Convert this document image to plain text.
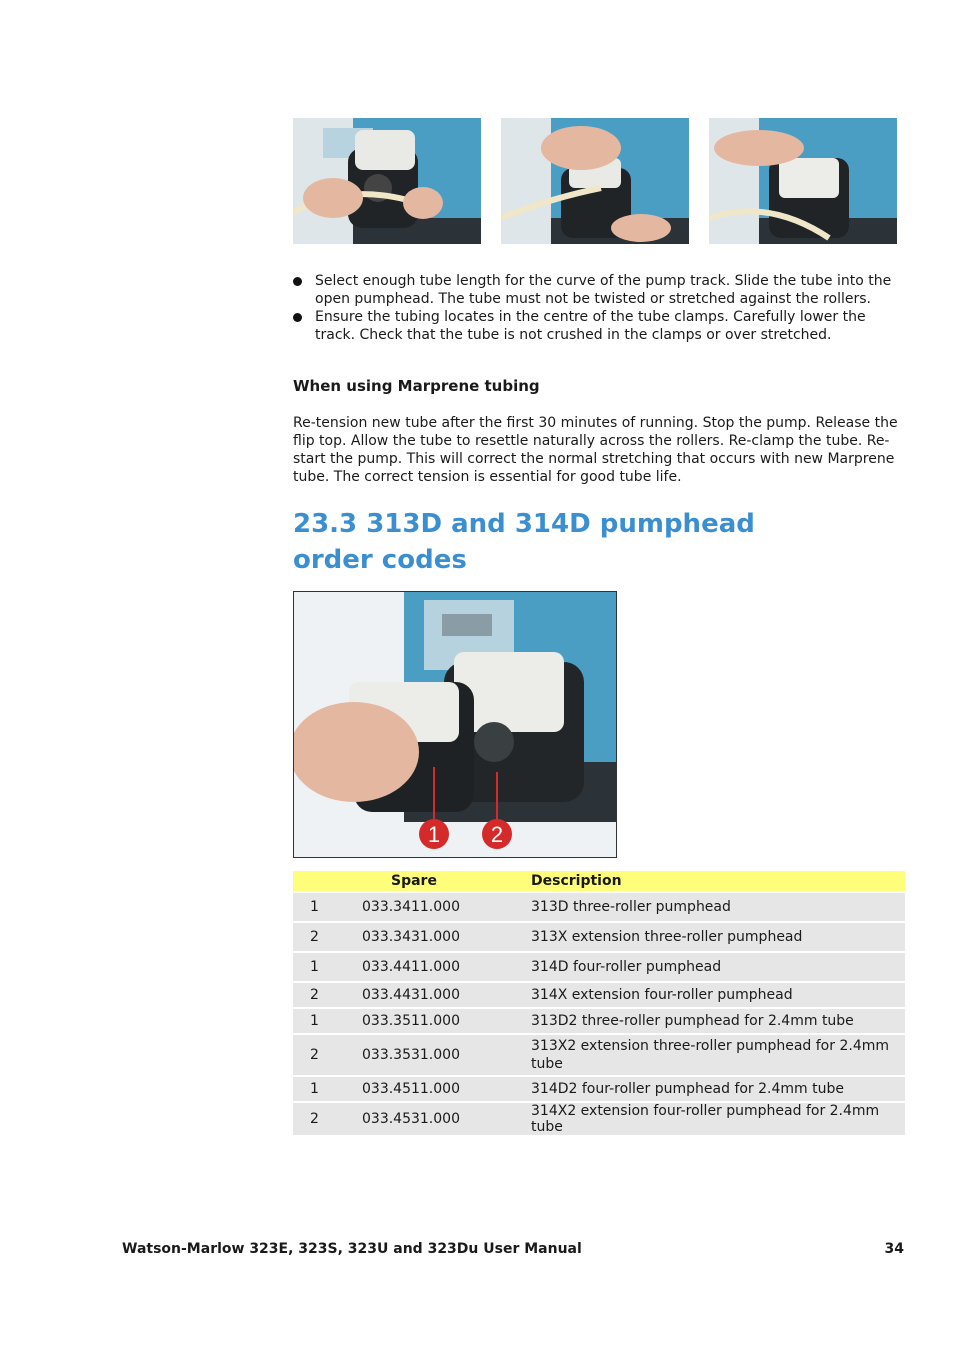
Select enough tube length for the curve of the pump track. Slide the tube into the open pumphead. The tube must not be twisted or stretched against the rollers.
Ensure the tubing locates in the centre of the tube clamps. Carefully lower the track. Check that the tube is not crushed in the clamps or over stretched.
When using Marprene tubing

Re-tension new tube after the first 30 minutes of running. Stop the pump. Release the flip top. Allow the tube to resettle naturally across the rollers. Re-clamp the tube. Re-start the pump. This will correct the normal stretching that occurs with new Marprene tube. The correct tension is essential for good tube life.

23.3 313D and 314D pumphead order codes
1 2
	Spare	Description
1	033.3411.000	313D three-roller pumphead
2	033.3431.000	313X extension three-roller pumphead
1	033.4411.000	314D four-roller pumphead
2	033.4431.000	314X extension four-roller pumphead
1	033.3511.000	313D2 three-roller pumphead for 2.4mm tube
2	033.3531.000	313X2 extension three-roller pumphead for 2.4mm tube
1	033.4511.000	314D2 four-roller pumphead for 2.4mm tube
2	033.4531.000	314X2 extension four-roller pumphead for 2.4mm tube
Watson-Marlow 323E, 323S, 323U and 323Du User Manual	34
